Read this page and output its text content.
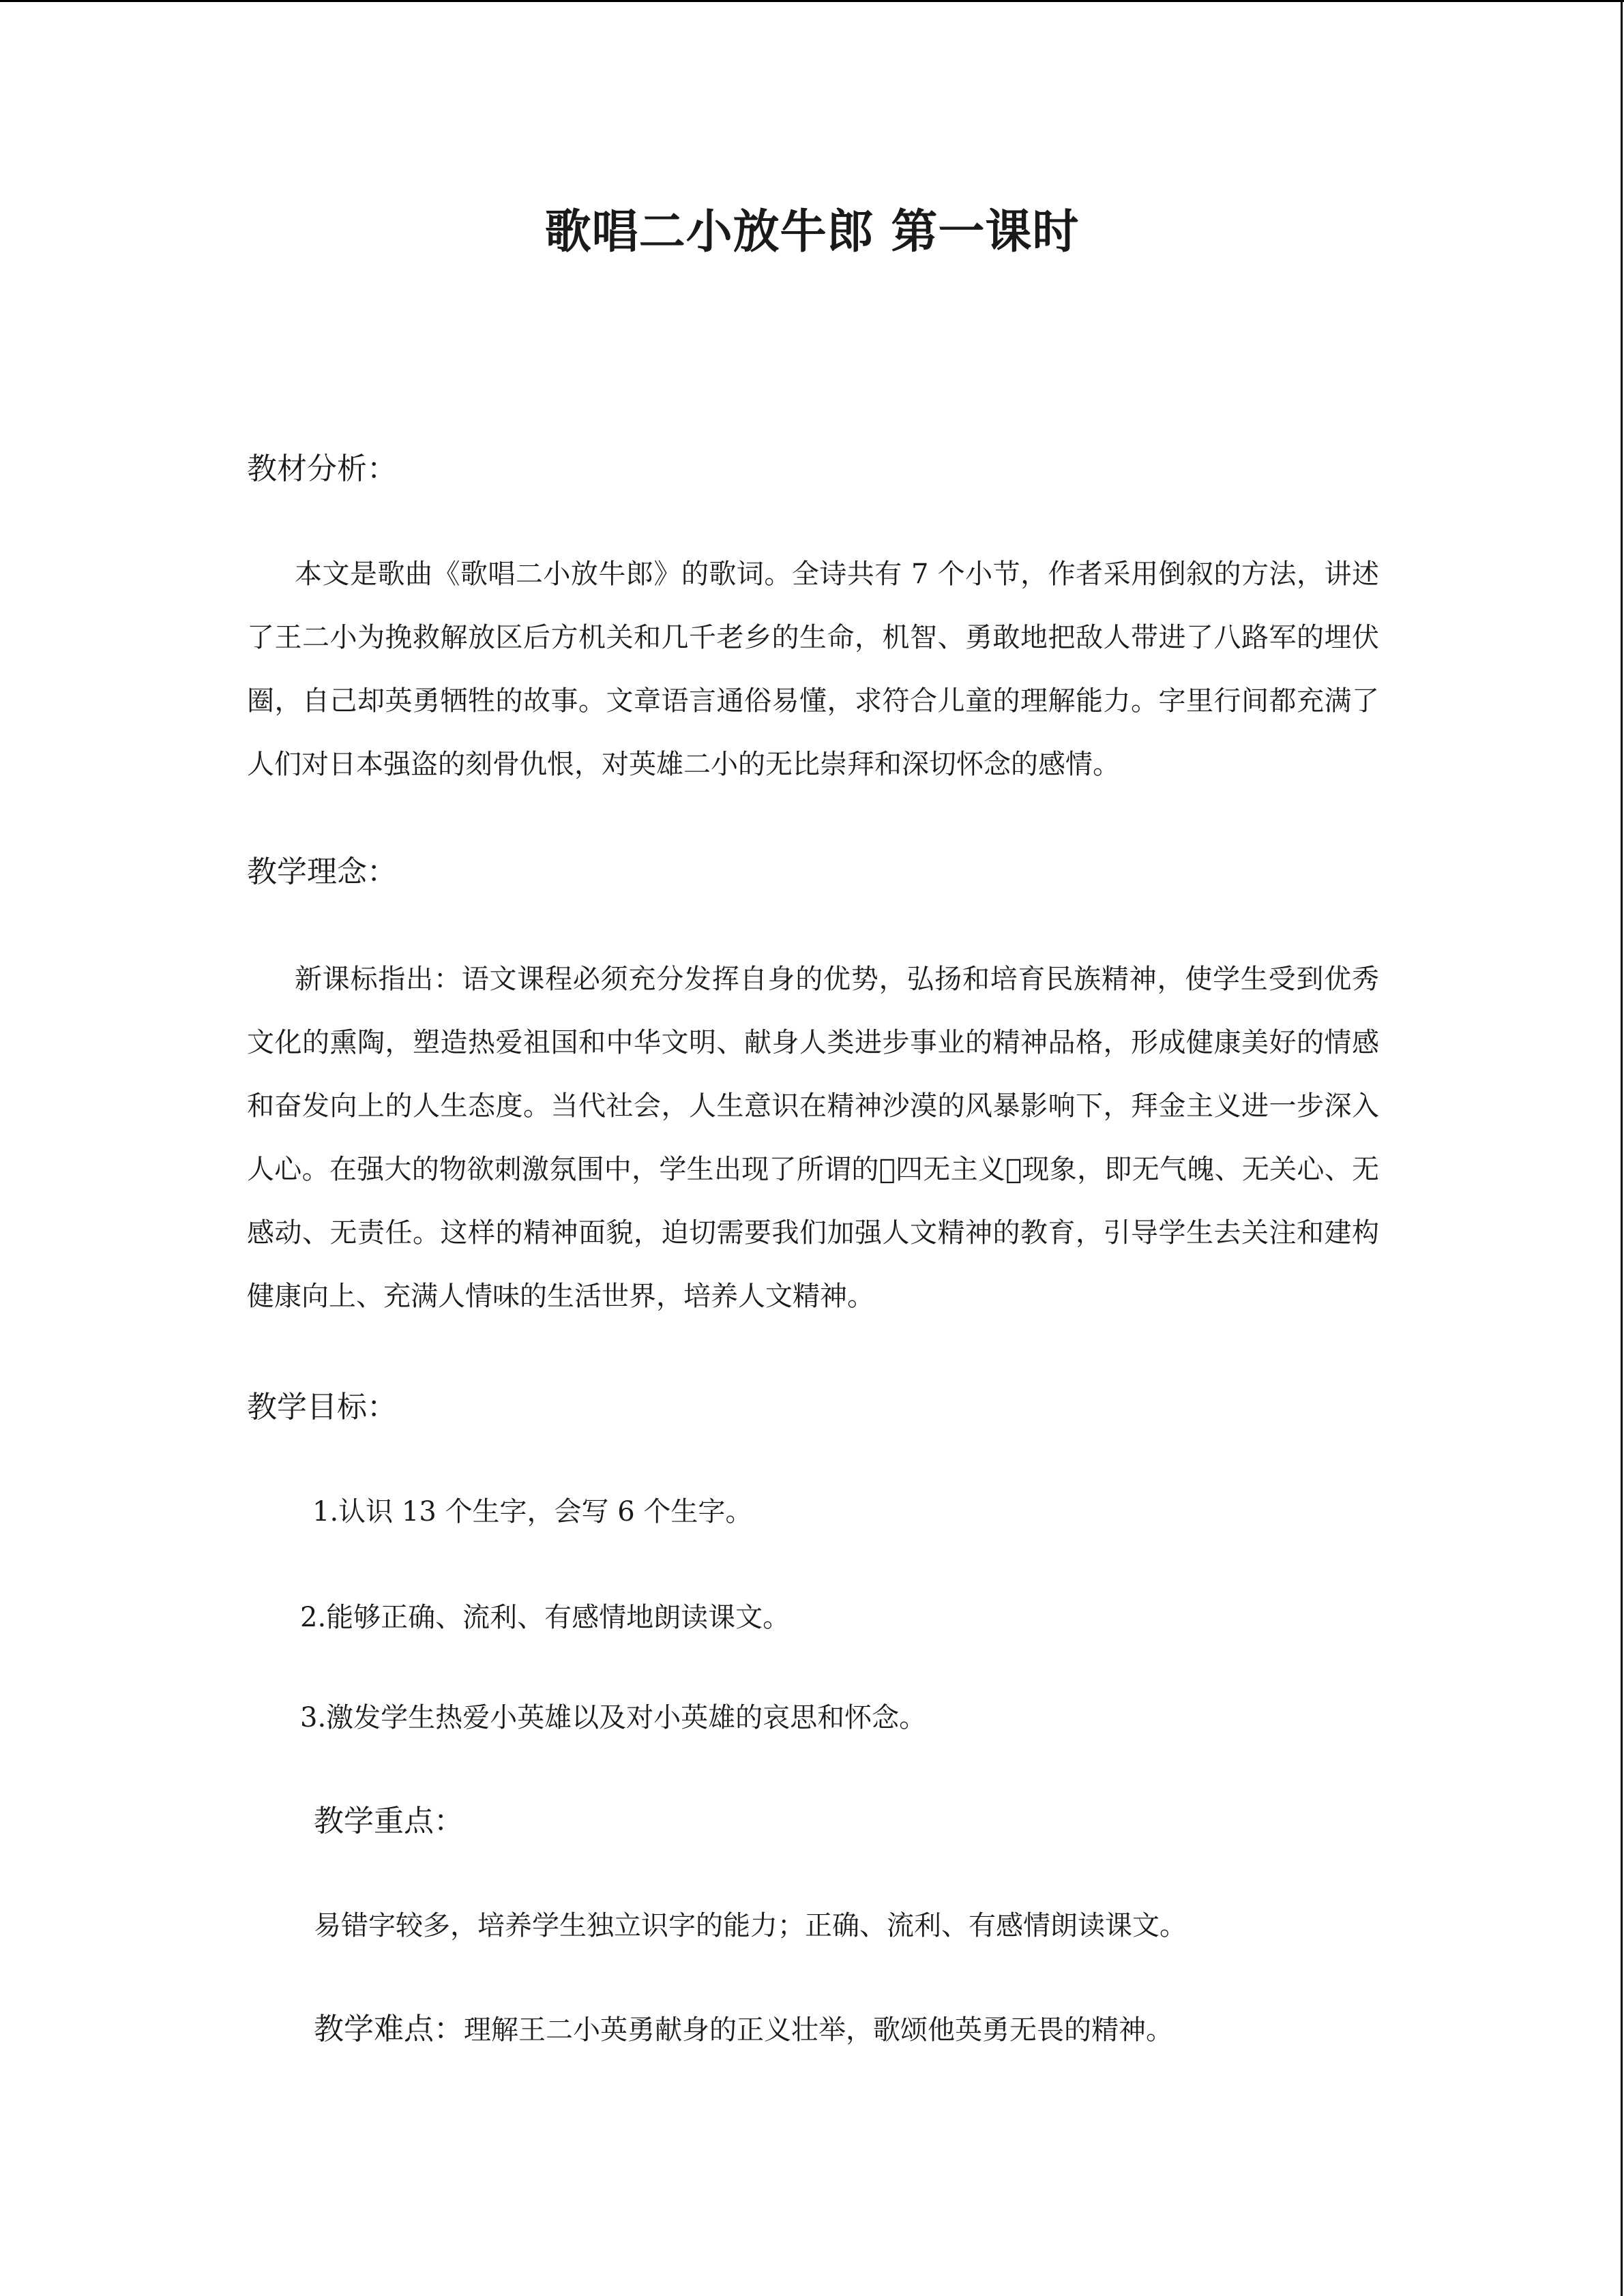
歌唱二小放牛郎 第一课时
教材分析：

本文是歌曲《歌唱二小放牛郎》的歌词。全诗共有 7 个小节，作者采用倒叙的方法，讲述了王二小为挽救解放区后方机关和几千老乡的生命，机智、勇敢地把敌人带进了八路军的埋伏圈，自己却英勇牺牲的故事。文章语言通俗易懂，求符合儿童的理解能力。字里行间都充满了人们对日本强盗的刻骨仇恨，对英雄二小的无比崇拜和深切怀念的感情。

教学理念：

新课标指出：语文课程必须充分发挥自身的优势，弘扬和培育民族精神，使学生受到优秀文化的熏陶，塑造热爱祖国和中华文明、献身人类进步事业的精神品格，形成健康美好的情感和奋发向上的人生态度。当代社会，人生意识在精神沙漠的风暴影响下，拜金主义进一步深入人心。在强大的物欲刺激氛围中，学生出现了所谓的 四无主义 现象，即无气魄、无关心、无感动、无责任。这样的精神面貌，迫切需要我们加强人文精神的教育，引导学生去关注和建构健康向上、充满人情味的生活世界，培养人文精神。

教学目标：
1.认识 13 个生字，会写 6 个生字。
2.能够正确、流利、有感情地朗读课文。
3.激发学生热爱小英雄以及对小英雄的哀思和怀念。
教学重点：
易错字较多，培养学生独立识字的能力；正确、流利、有感情朗读课文。
教学难点：理解王二小英勇献身的正义壮举，歌颂他英勇无畏的精神。
